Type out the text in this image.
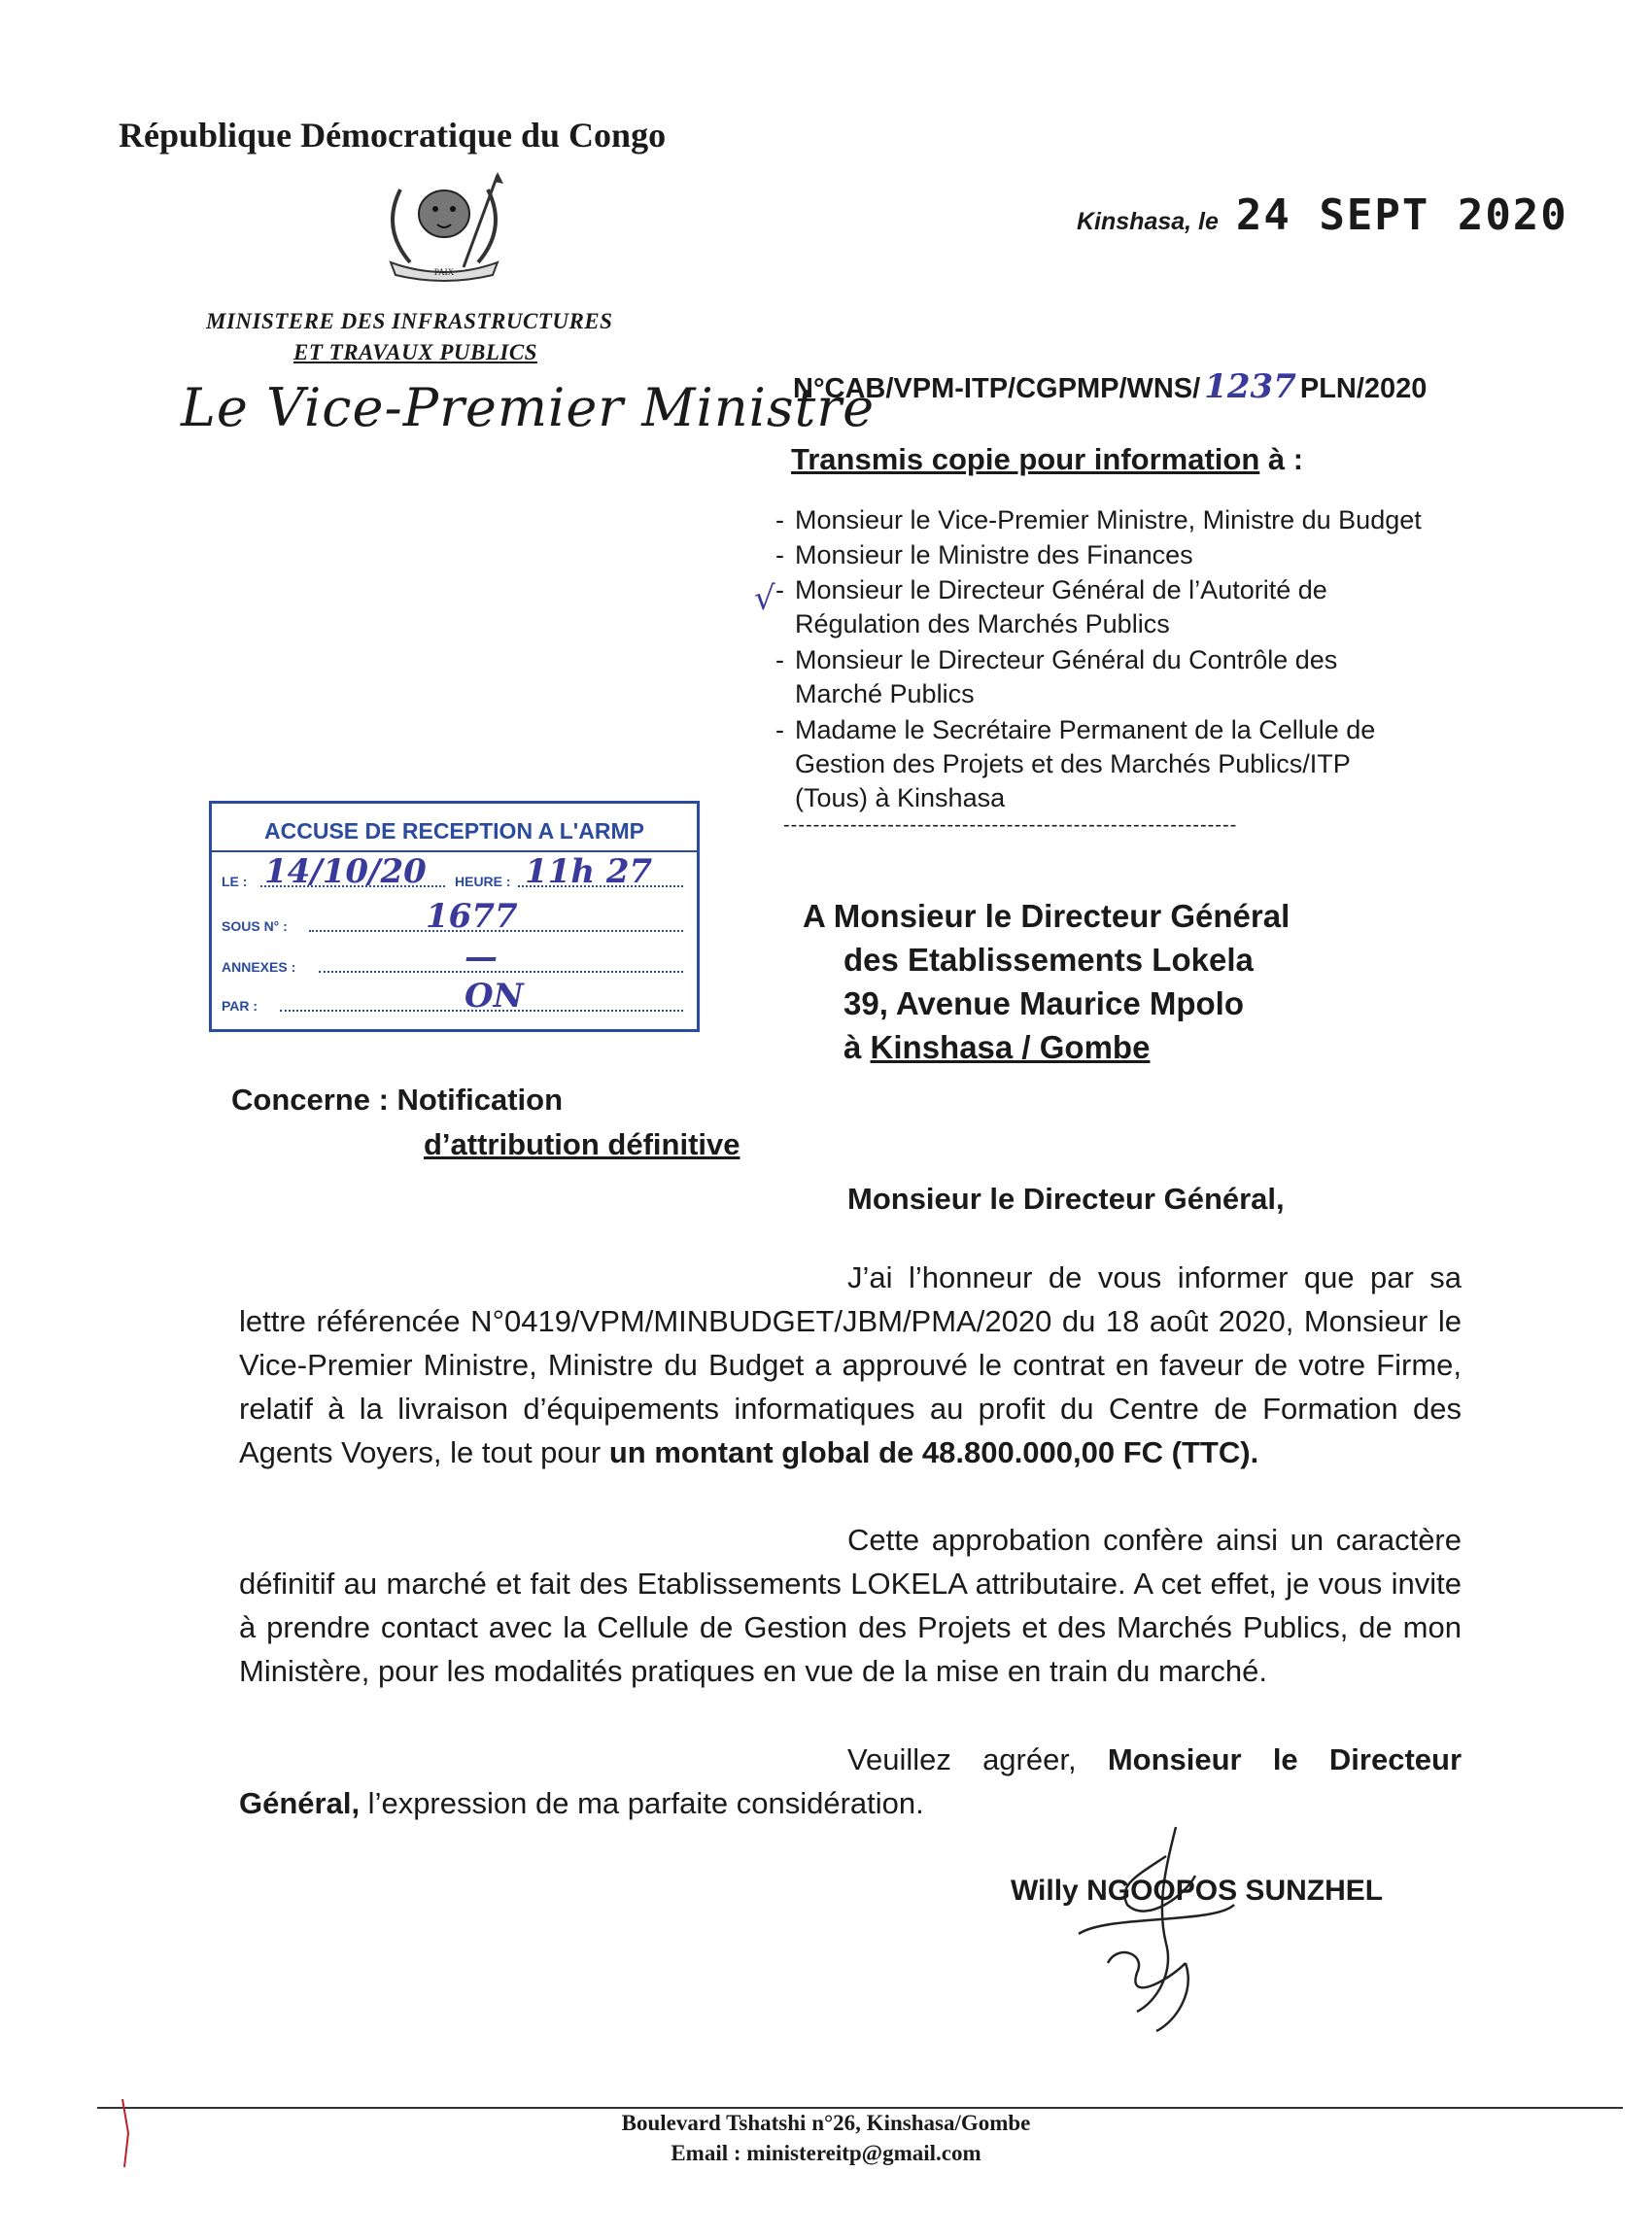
République Démocratique du Congo
PAIX
MINISTERE DES INFRASTRUCTURES
ET TRAVAUX PUBLICS
Le Vice-Premier Ministre
Kinshasa, le 24 SEPT 2020
N°CAB/VPM-ITP/CGPMP/WNS/ 1237 PLN/2020
Transmis copie pour information à :
- Monsieur le Vice-Premier Ministre, Ministre du Budget
- Monsieur le Ministre des Finances
√ - Monsieur le Directeur Général de l’Autorité de
Régulation des Marchés Publics
- Monsieur le Directeur Général du Contrôle des
Marché Publics
- Madame le Secrétaire Permanent de la Cellule de
Gestion des Projets et des Marchés Publics/ITP
(Tous) à Kinshasa
-------------------------------------------------------------
ACCUSE DE RECEPTION A L'ARMP
LE : 14/10/20 HEURE : 11h 27
SOUS N° :	1677
ANNEXES :	—
PAR :	ON
A Monsieur le Directeur Général
des Etablissements Lokela
39, Avenue Maurice Mpolo
à Kinshasa / Gombe
Concerne : Notification
d’attribution définitive
Monsieur le Directeur Général,
J’ai l’honneur de vous informer que par sa lettre référencée N°0419/VPM/MINBUDGET/JBM/PMA/2020 du 18 août 2020, Monsieur le Vice-Premier Ministre, Ministre du Budget a approuvé le contrat en faveur de votre Firme, relatif à la livraison d’équipements informatiques au profit du Centre de Formation des Agents Voyers, le tout pour un montant global de 48.800.000,00 FC (TTC).
Cette approbation confère ainsi un caractère définitif au marché et fait des Etablissements LOKELA attributaire. A cet effet, je vous invite à prendre contact avec la Cellule de Gestion des Projets et des Marchés Publics, de mon Ministère, pour les modalités pratiques en vue de la mise en train du marché.
Veuillez agréer, Monsieur le Directeur Général, l’expression de ma parfaite considération.
Willy NGOOPOS SUNZHEL
Boulevard Tshatshi n°26, Kinshasa/Gombe
Email : ministereitp@gmail.com
